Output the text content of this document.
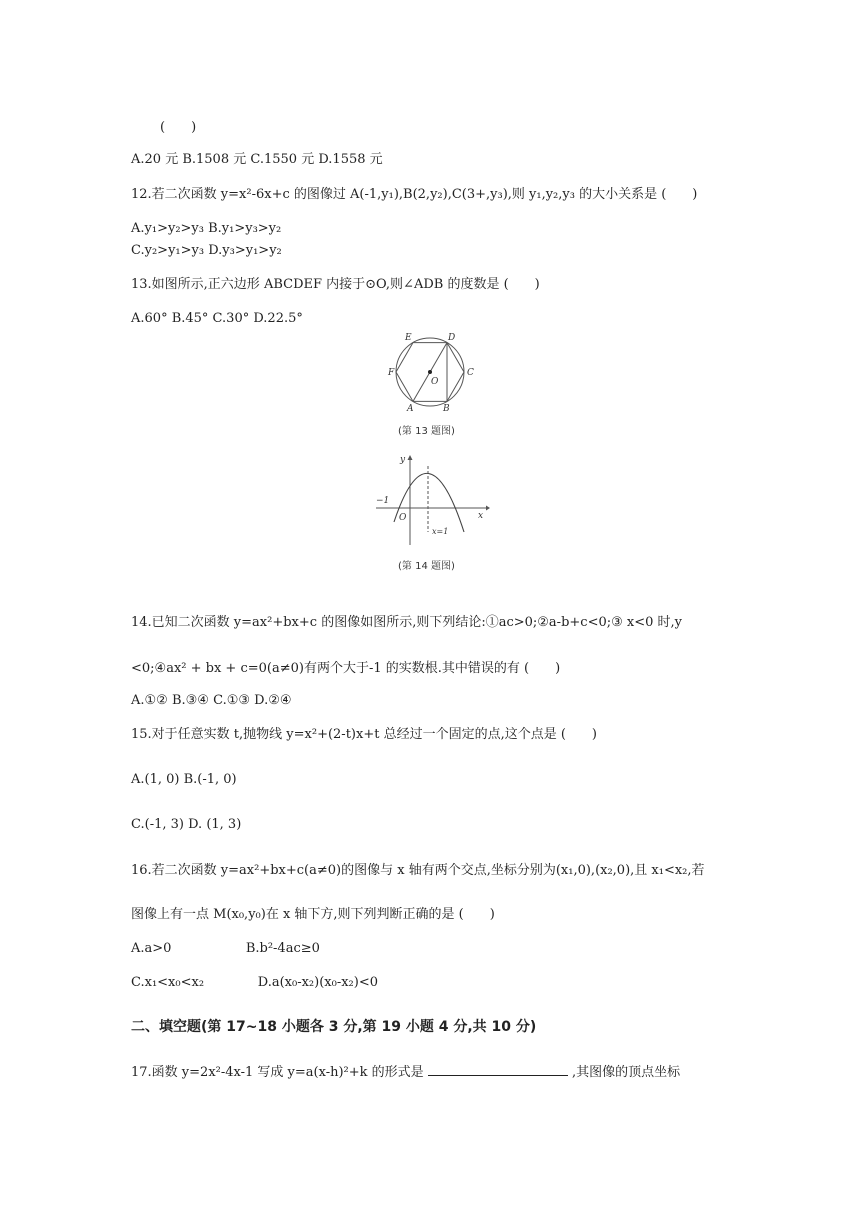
(　　)
A.20 元 B.1508 元 C.1550 元 D.1558 元
12.若二次函数 y=x²-6x+c 的图像过 A(-1,y₁),B(2,y₂),C(3+,y₃),则 y₁,y₂,y₃ 的大小关系是 (　　)
A.y₁>y₂>y₃ B.y₁>y₃>y₂
C.y₂>y₁>y₃ D.y₃>y₁>y₂
13.如图所示,正六边形 ABCDEF 内接于⊙O,则∠ADB 的度数是 (　　)
A.60° B.45° C.30° D.22.5°
E	D
F	C
O
A	B
(第 13 题图)
y
x
O
−1
x=1
(第 14 题图)
14.已知二次函数 y=ax²+bx+c 的图像如图所示,则下列结论:①ac>0;②a-b+c<0;③ x<0 时,y
<0;④ax² + bx + c=0(a≠0)有两个大于-1 的实数根.其中错误的有 (　　)
A.①② B.③④ C.①③ D.②④
15.对于任意实数 t,抛物线 y=x²+(2-t)x+t 总经过一个固定的点,这个点是 (　　)
A.(1, 0) B.(-1, 0)
C.(-1, 3) D. (1, 3)
16.若二次函数 y=ax²+bx+c(a≠0)的图像与 x 轴有两个交点,坐标分别为(x₁,0),(x₂,0),且 x₁<x₂,若
图像上有一点 M(x₀,y₀)在 x 轴下方,则下列判断正确的是 (　　)
A.a>0                  B.b²-4ac≥0
C.x₁<x₀<x₂             D.a(x₀-x₂)(x₀-x₂)<0
二、填空题(第 17~18 小题各 3 分,第 19 小题 4 分,共 10 分)
17.函数 y=2x²-4x-1 写成 y=a(x-h)²+k 的形式是	,其图像的顶点坐标
